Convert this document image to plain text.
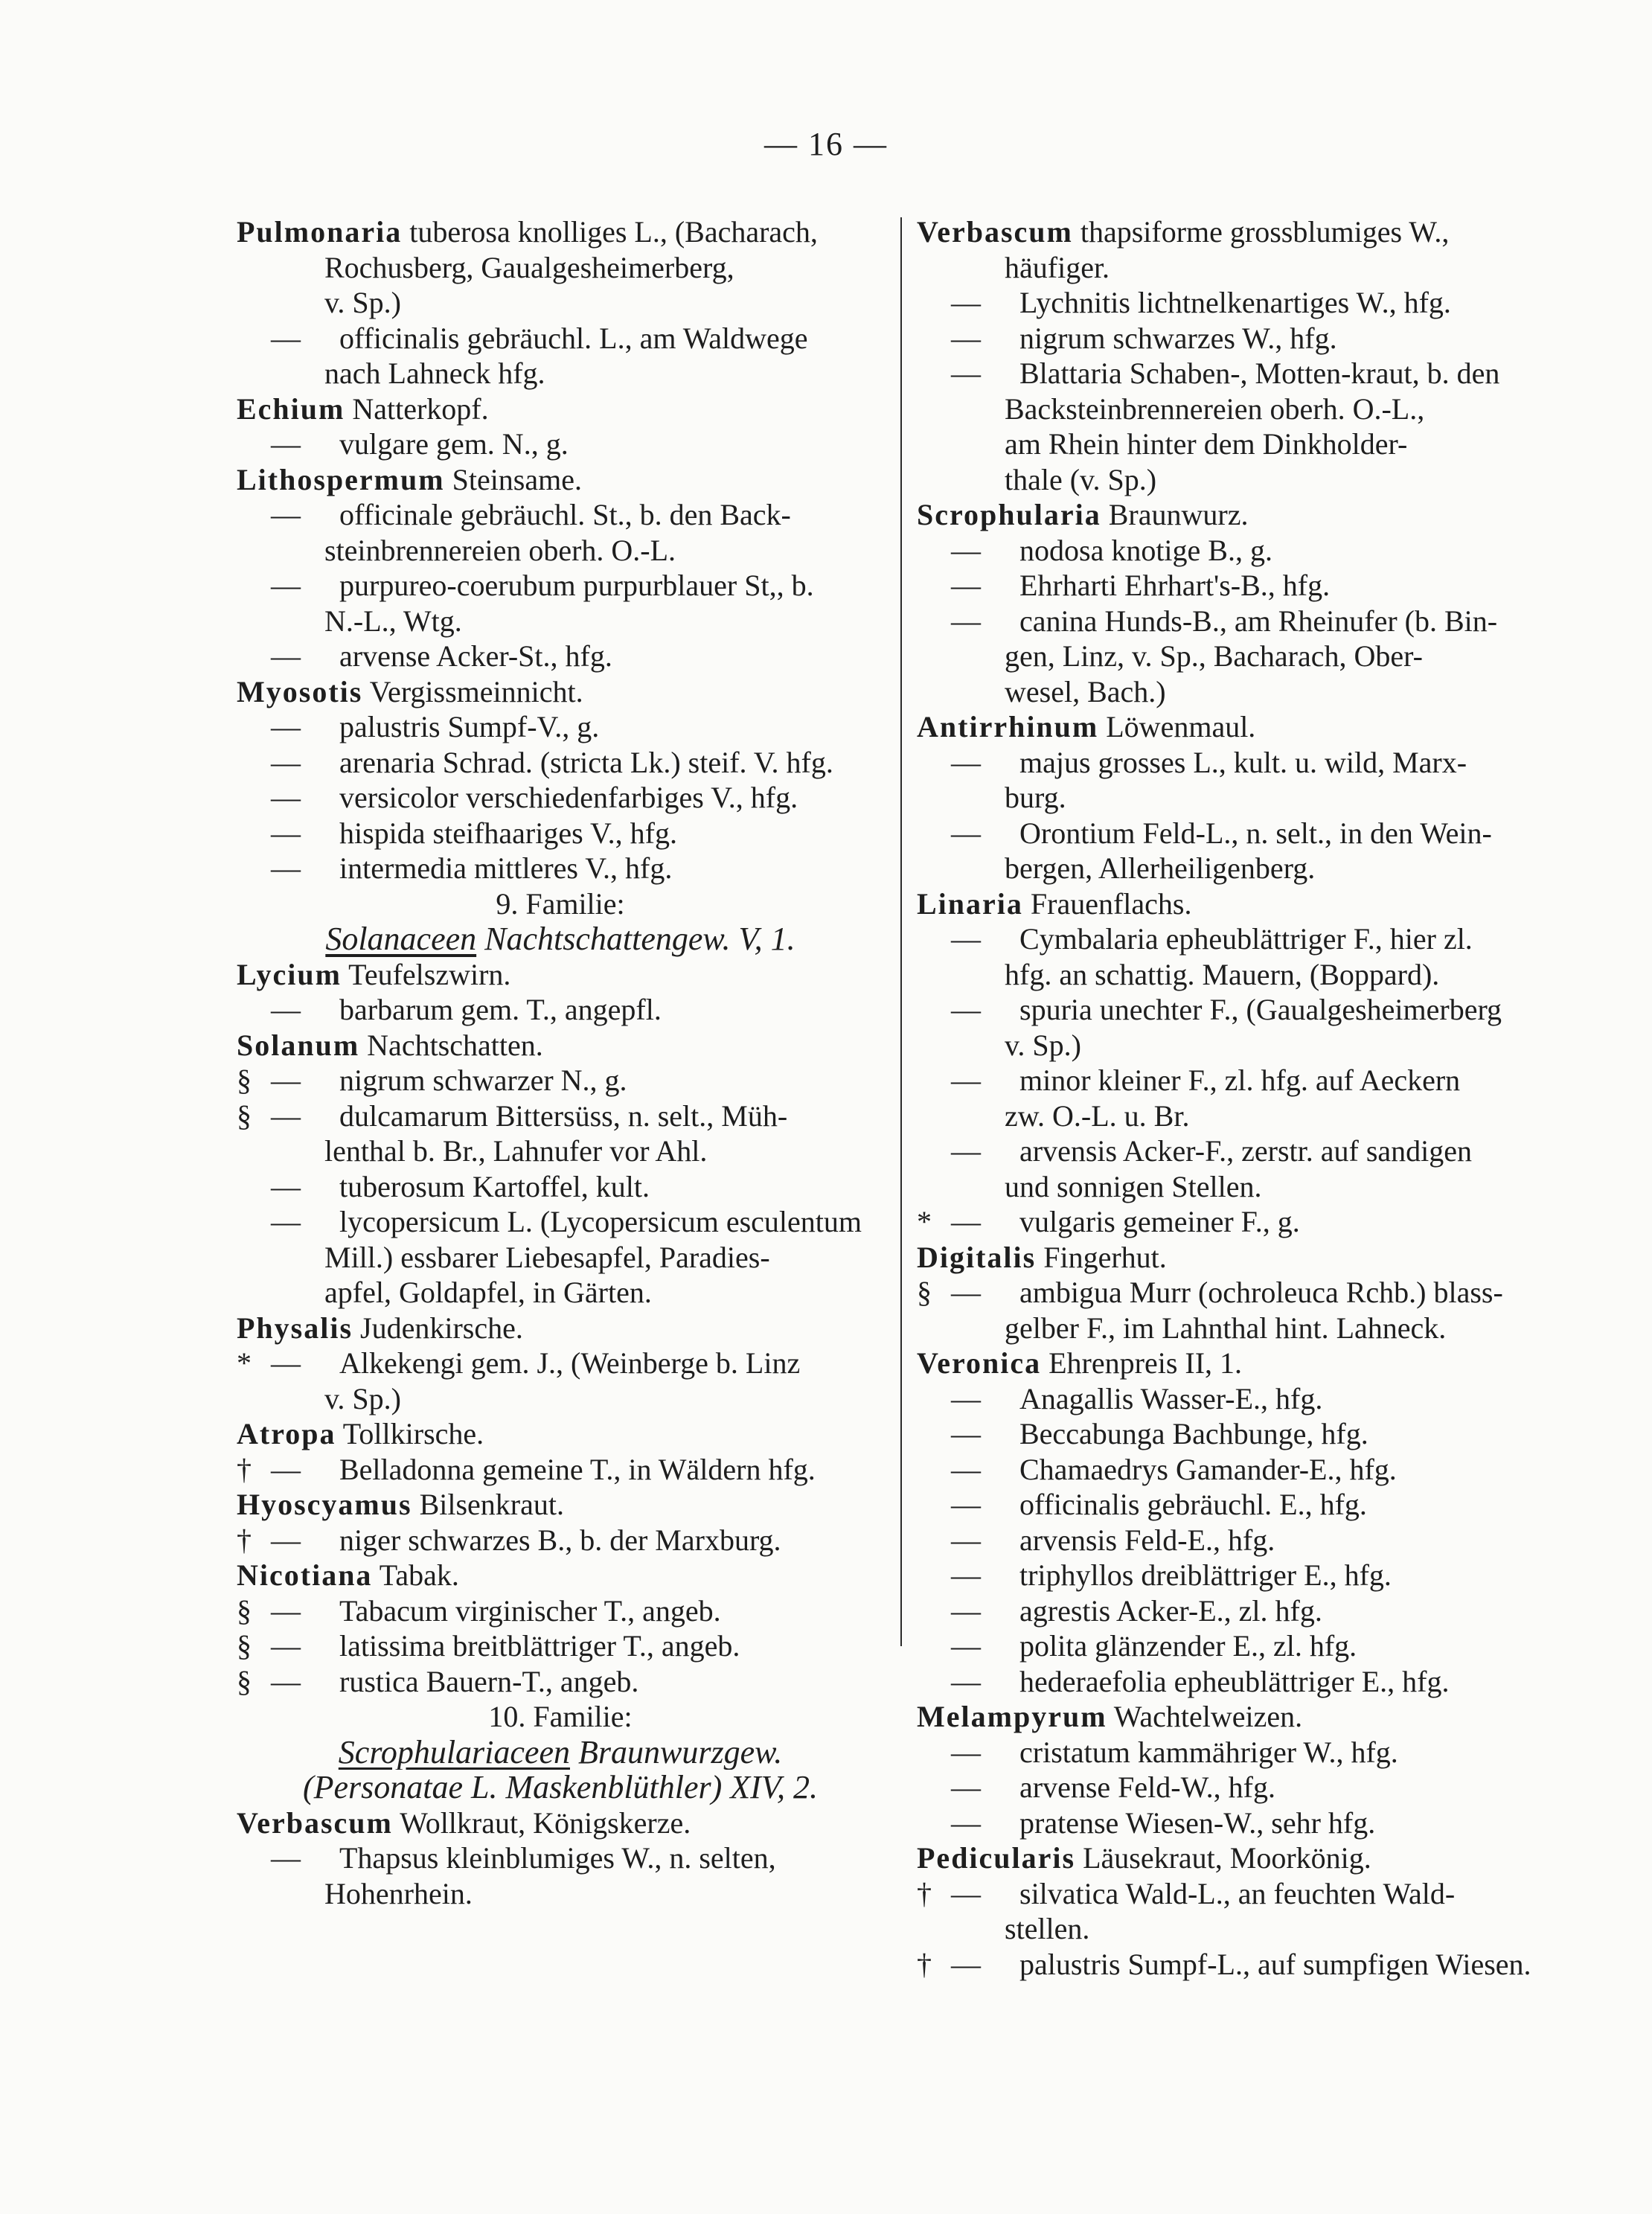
— 16 —
Pulmonaria tuberosa knolliges L., (Bacharach,
Rochusberg, Gaualgesheimerberg,
v. Sp.)
— officinalis gebräuchl. L., am Waldwege
nach Lahneck hfg.
Echium Natterkopf.
— vulgare gem. N., g.
Lithospermum Steinsame.
— officinale gebräuchl. St., b. den Back-
steinbrennereien oberh. O.-L.
— purpureo-coerubum purpurblauer St,, b.
N.-L., Wtg.
— arvense Acker-St., hfg.
Myosotis Vergissmeinnicht.
— palustris Sumpf-V., g.
— arenaria Schrad. (stricta Lk.) steif. V. hfg.
— versicolor verschiedenfarbiges V., hfg.
— hispida steifhaariges V., hfg.
— intermedia mittleres V., hfg.
9. Familie:
Solanaceen Nachtschattengew. V, 1.
Lycium Teufelszwirn.
— barbarum gem. T., angepfl.
Solanum Nachtschatten.
§ — nigrum schwarzer N., g.
§ — dulcamarum Bittersüss, n. selt., Müh-
lenthal b. Br., Lahnufer vor Ahl.
— tuberosum Kartoffel, kult.
— lycopersicum L. (Lycopersicum esculentum
Mill.) essbarer Liebesapfel, Paradies-
apfel, Goldapfel, in Gärten.
Physalis Judenkirsche.
* — Alkekengi gem. J., (Weinberge b. Linz
v. Sp.)
Atropa Tollkirsche.
† — Belladonna gemeine T., in Wäldern hfg.
Hyoscyamus Bilsenkraut.
† — niger schwarzes B., b. der Marxburg.
Nicotiana Tabak.
§ — Tabacum virginischer T., angeb.
§ — latissima breitblättriger T., angeb.
§ — rustica Bauern-T., angeb.
10. Familie:
Scrophulariaceen Braunwurzgew.
(Personatae L. Maskenblüthler) XIV, 2.
Verbascum Wollkraut, Königskerze.
— Thapsus kleinblumiges W., n. selten,
Hohenrhein.
Verbascum thapsiforme grossblumiges W.,
häufiger.
— Lychnitis lichtnelkenartiges W., hfg.
— nigrum schwarzes W., hfg.
— Blattaria Schaben-, Motten-kraut, b. den
Backsteinbrennereien oberh. O.-L.,
am Rhein hinter dem Dinkholder-
thale (v. Sp.)
Scrophularia Braunwurz.
— nodosa knotige B., g.
— Ehrharti Ehrhart's-B., hfg.
— canina Hunds-B., am Rheinufer (b. Bin-
gen, Linz, v. Sp., Bacharach, Ober-
wesel, Bach.)
Antirrhinum Löwenmaul.
— majus grosses L., kult. u. wild, Marx-
burg.
— Orontium Feld-L., n. selt., in den Wein-
bergen, Allerheiligenberg.
Linaria Frauenflachs.
— Cymbalaria epheublättriger F., hier zl.
hfg. an schattig. Mauern, (Boppard).
— spuria unechter F., (Gaualgesheimerberg
v. Sp.)
— minor kleiner F., zl. hfg. auf Aeckern
zw. O.-L. u. Br.
— arvensis Acker-F., zerstr. auf sandigen
und sonnigen Stellen.
* — vulgaris gemeiner F., g.
Digitalis Fingerhut.
§ — ambigua Murr (ochroleuca Rchb.) blass-
gelber F., im Lahnthal hint. Lahneck.
Veronica Ehrenpreis II, 1.
— Anagallis Wasser-E., hfg.
— Beccabunga Bachbunge, hfg.
— Chamaedrys Gamander-E., hfg.
— officinalis gebräuchl. E., hfg.
— arvensis Feld-E., hfg.
— triphyllos dreiblättriger E., hfg.
— agrestis Acker-E., zl. hfg.
— polita glänzender E., zl. hfg.
— hederaefolia epheublättriger E., hfg.
Melampyrum Wachtelweizen.
— cristatum kammähriger W., hfg.
— arvense Feld-W., hfg.
— pratense Wiesen-W., sehr hfg.
Pedicularis Läusekraut, Moorkönig.
† — silvatica Wald-L., an feuchten Wald-
stellen.
† — palustris Sumpf-L., auf sumpfigen Wiesen.
